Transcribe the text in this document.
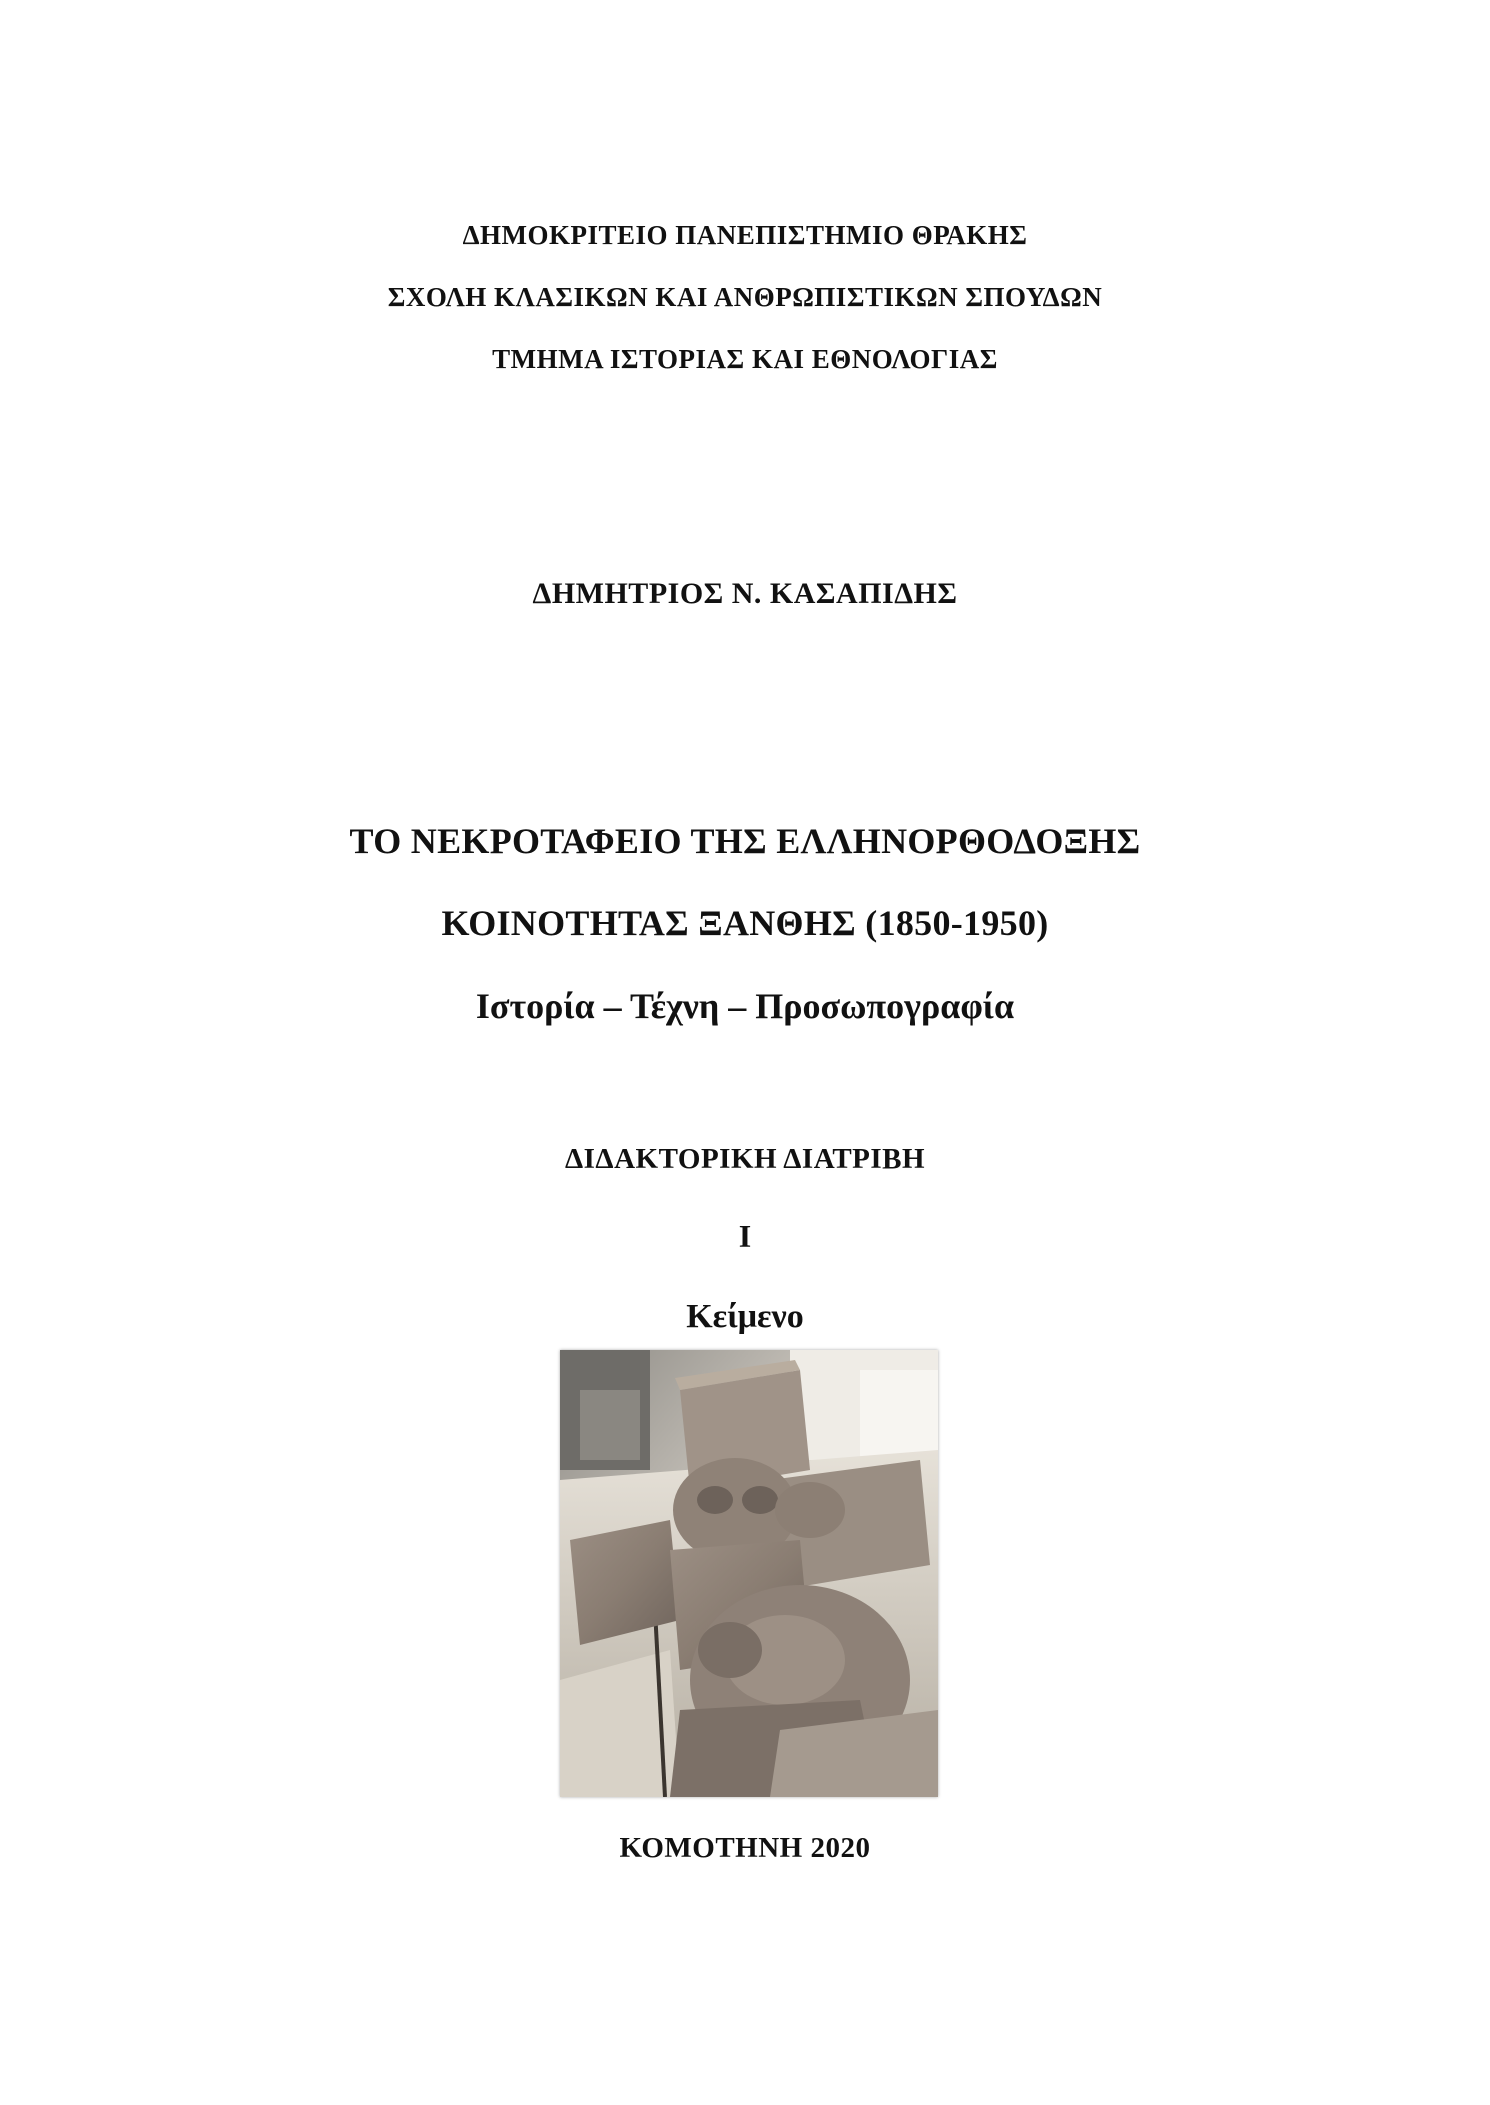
ΔΗΜΟΚΡΙΤΕΙΟ ΠΑΝΕΠΙΣΤΗΜΙΟ ΘΡΑΚΗΣ
ΣΧΟΛΗ ΚΛΑΣΙΚΩΝ ΚΑΙ ΑΝΘΡΩΠΙΣΤΙΚΩΝ ΣΠΟΥΔΩΝ
ΤΜΗΜΑ ΙΣΤΟΡΙΑΣ ΚΑΙ ΕΘΝΟΛΟΓΙΑΣ
ΔΗΜΗΤΡΙΟΣ Ν. ΚΑΣΑΠΙΔΗΣ
ΤΟ ΝΕΚΡΟΤΑΦΕΙΟ ΤΗΣ ΕΛΛΗΝΟΡΘΟΔΟΞΗΣ
ΚΟΙΝΟΤΗΤΑΣ ΞΑΝΘΗΣ (1850-1950)
Ιστορία – Τέχνη – Προσωπογραφία
ΔΙΔΑΚΤΟΡΙΚΗ ΔΙΑΤΡΙΒΗ
Ι
Κείμενο
ΚΟΜΟΤΗΝΗ 2020
